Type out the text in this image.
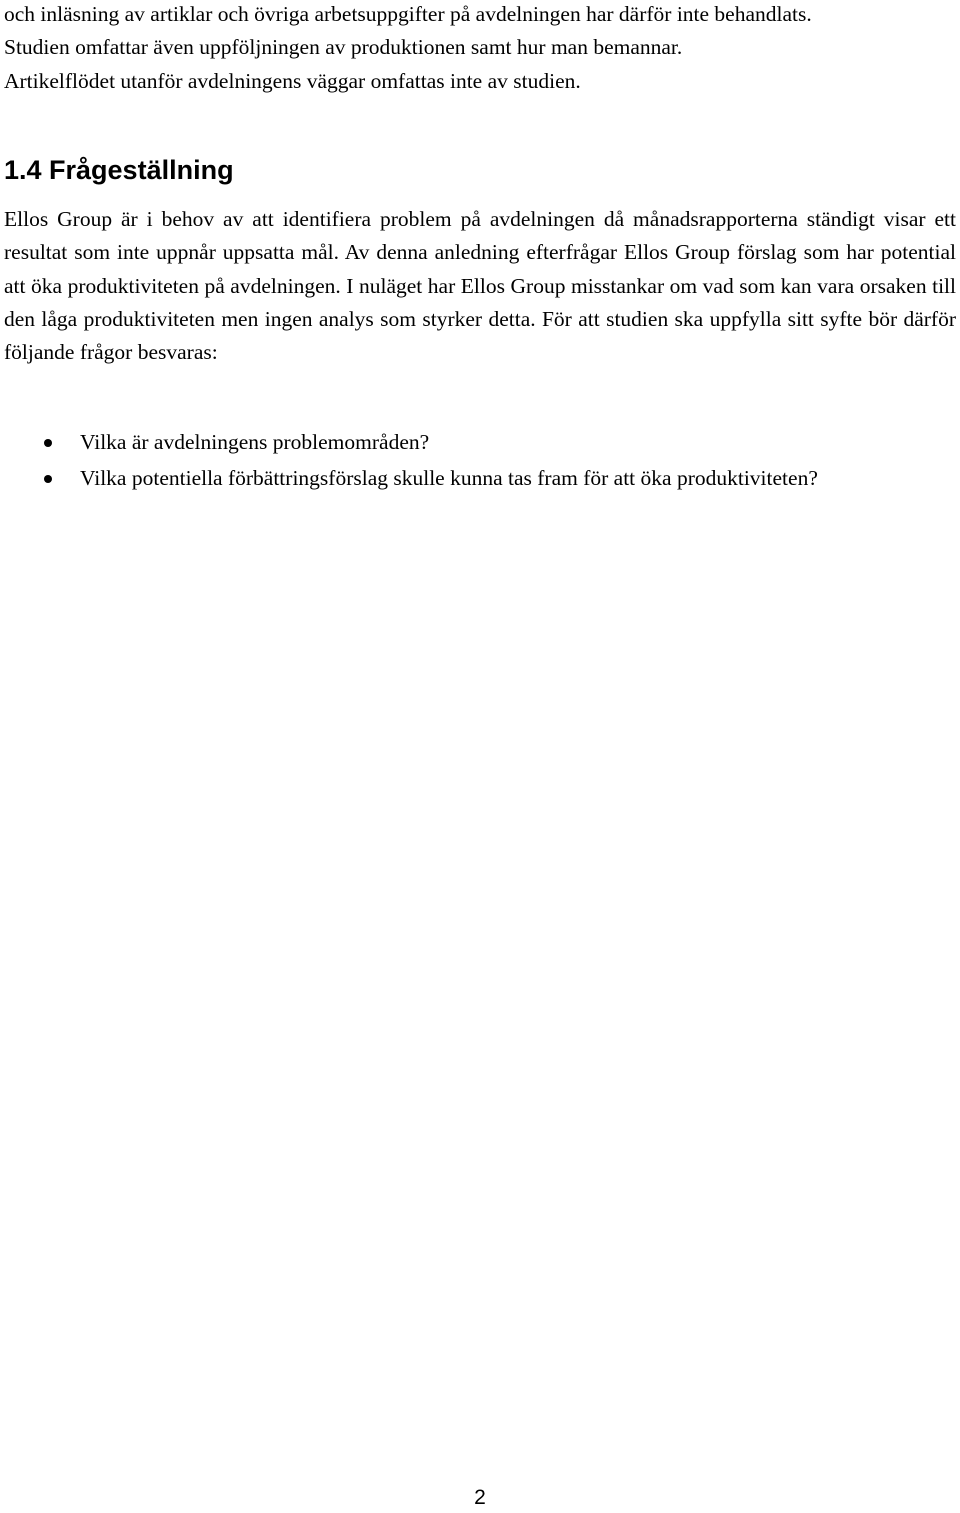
och inläsning av artiklar och övriga arbetsuppgifter på avdelningen har därför inte behandlats.
Studien omfattar även uppföljningen av produktionen samt hur man bemannar.
Artikelflödet utanför avdelningens väggar omfattas inte av studien.
1.4 Frågeställning

Ellos Group är i behov av att identifiera problem på avdelningen då månadsrapporterna ständigt visar ett resultat som inte uppnår uppsatta mål. Av denna anledning efterfrågar Ellos Group förslag som har potential att öka produktiviteten på avdelningen. I nuläget har Ellos Group misstankar om vad som kan vara orsaken till den låga produktiviteten men ingen analys som styrker detta. För att studien ska uppfylla sitt syfte bör därför följande frågor besvaras:

Vilka är avdelningens problemområden?
Vilka potentiella förbättringsförslag skulle kunna tas fram för att öka produktiviteten?
2
